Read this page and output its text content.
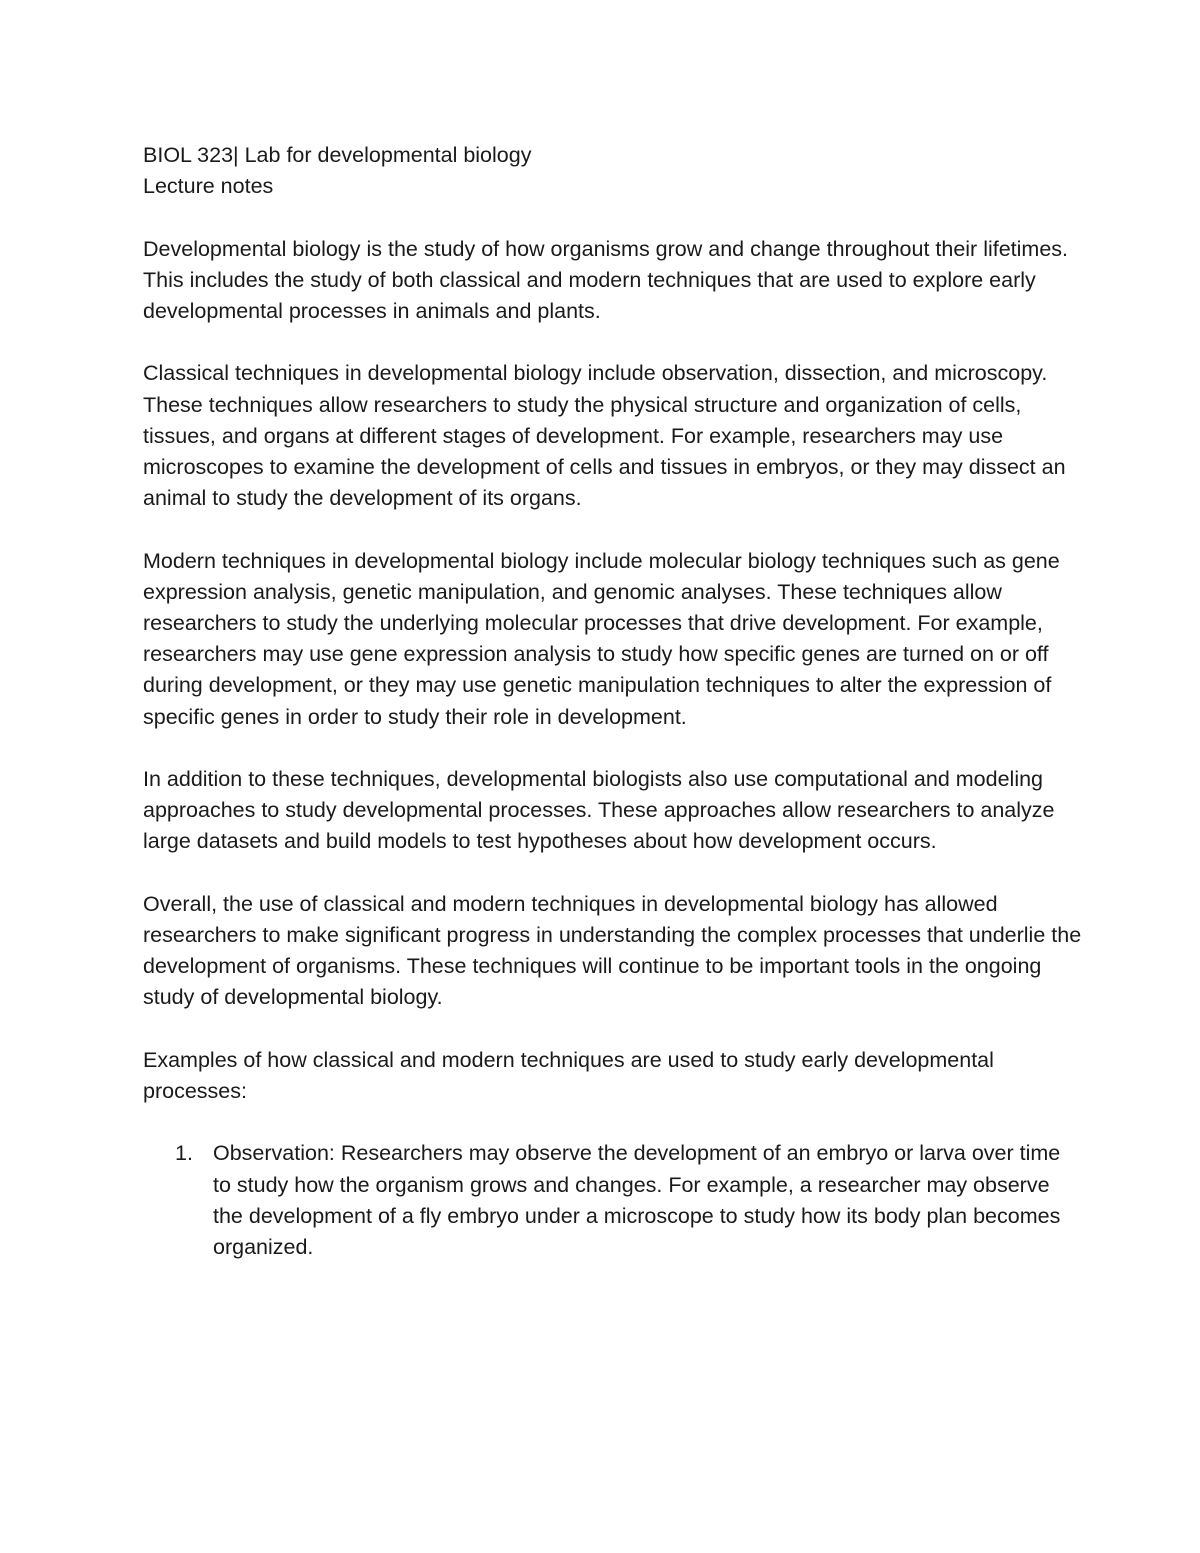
BIOL 323| Lab for developmental biology

Lecture notes

Developmental biology is the study of how organisms grow and change throughout their lifetimes. This includes the study of both classical and modern techniques that are used to explore early developmental processes in animals and plants.

Classical techniques in developmental biology include observation, dissection, and microscopy. These techniques allow researchers to study the physical structure and organization of cells, tissues, and organs at different stages of development. For example, researchers may use microscopes to examine the development of cells and tissues in embryos, or they may dissect an animal to study the development of its organs.

Modern techniques in developmental biology include molecular biology techniques such as gene expression analysis, genetic manipulation, and genomic analyses. These techniques allow researchers to study the underlying molecular processes that drive development. For example, researchers may use gene expression analysis to study how specific genes are turned on or off during development, or they may use genetic manipulation techniques to alter the expression of specific genes in order to study their role in development.

In addition to these techniques, developmental biologists also use computational and modeling approaches to study developmental processes. These approaches allow researchers to analyze large datasets and build models to test hypotheses about how development occurs.

Overall, the use of classical and modern techniques in developmental biology has allowed researchers to make significant progress in understanding the complex processes that underlie the development of organisms. These techniques will continue to be important tools in the ongoing study of developmental biology.

Examples of how classical and modern techniques are used to study early developmental processes:

1. Observation: Researchers may observe the development of an embryo or larva over time to study how the organism grows and changes. For example, a researcher may observe the development of a fly embryo under a microscope to study how its body plan becomes organized.
